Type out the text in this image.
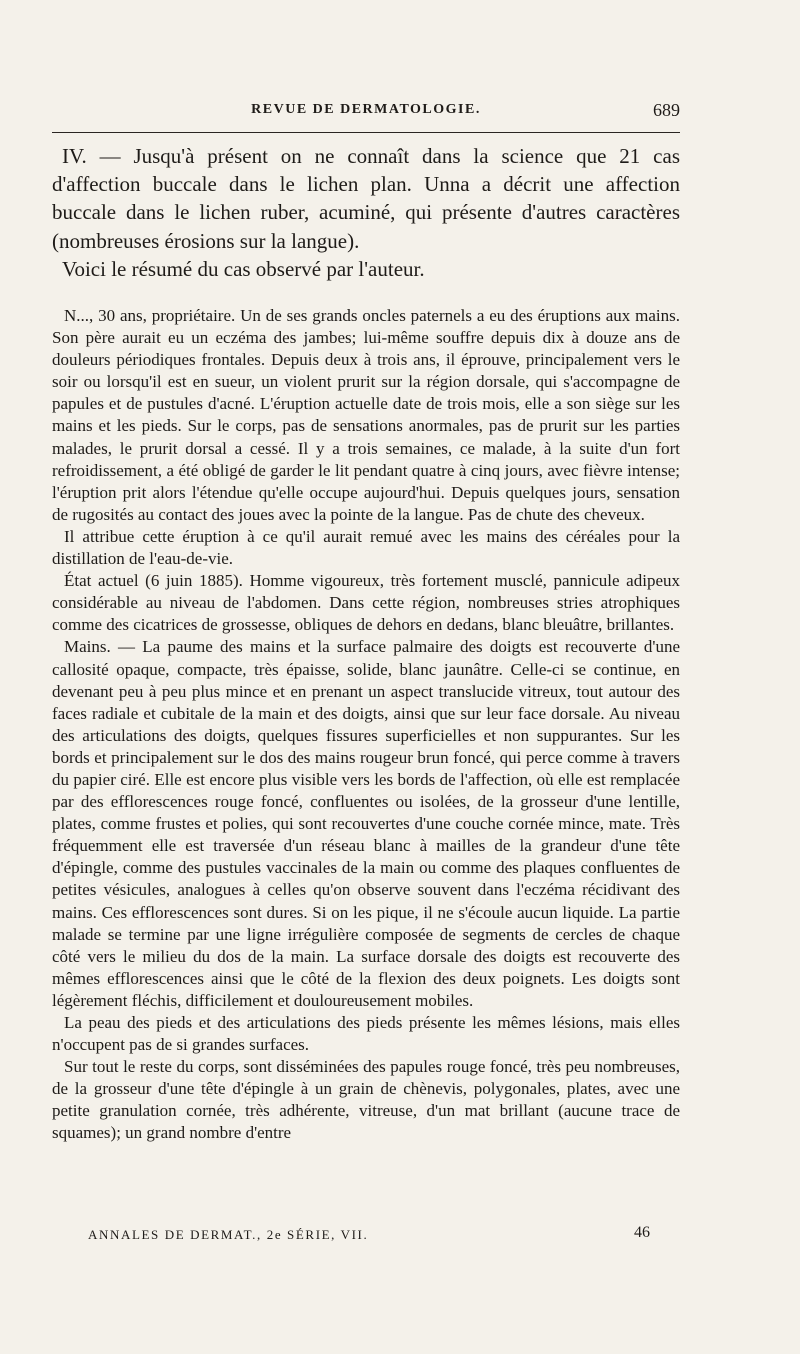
REVUE DE DERMATOLOGIE.	689

IV. — Jusqu'à présent on ne connaît dans la science que 21 cas d'affection buccale dans le lichen plan. Unna a décrit une affection buccale dans le lichen ruber, acuminé, qui présente d'autres caractères (nombreuses érosions sur la langue).

Voici le résumé du cas observé par l'auteur.

N..., 30 ans, propriétaire. Un de ses grands oncles paternels a eu des éruptions aux mains. Son père aurait eu un eczéma des jambes; lui-même souffre depuis dix à douze ans de douleurs périodiques frontales. Depuis deux à trois ans, il éprouve, principalement vers le soir ou lorsqu'il est en sueur, un violent prurit sur la région dorsale, qui s'accompagne de papules et de pustules d'acné. L'éruption actuelle date de trois mois, elle a son siège sur les mains et les pieds. Sur le corps, pas de sensations anormales, pas de prurit sur les parties malades, le prurit dorsal a cessé. Il y a trois semaines, ce malade, à la suite d'un fort refroidissement, a été obligé de garder le lit pendant quatre à cinq jours, avec fièvre intense; l'éruption prit alors l'étendue qu'elle occupe aujourd'hui. Depuis quelques jours, sensation de rugosités au contact des joues avec la pointe de la langue. Pas de chute des cheveux.

Il attribue cette éruption à ce qu'il aurait remué avec les mains des céréales pour la distillation de l'eau-de-vie.

État actuel (6 juin 1885). Homme vigoureux, très fortement musclé, pannicule adipeux considérable au niveau de l'abdomen. Dans cette région, nombreuses stries atrophiques comme des cicatrices de grossesse, obliques de dehors en dedans, blanc bleuâtre, brillantes.

Mains. — La paume des mains et la surface palmaire des doigts est recouverte d'une callosité opaque, compacte, très épaisse, solide, blanc jaunâtre. Celle-ci se continue, en devenant peu à peu plus mince et en prenant un aspect translucide vitreux, tout autour des faces radiale et cubitale de la main et des doigts, ainsi que sur leur face dorsale. Au niveau des articulations des doigts, quelques fissures superficielles et non suppurantes. Sur les bords et principalement sur le dos des mains rougeur brun foncé, qui perce comme à travers du papier ciré. Elle est encore plus visible vers les bords de l'affection, où elle est remplacée par des efflorescences rouge foncé, confluentes ou isolées, de la grosseur d'une lentille, plates, comme frustes et polies, qui sont recouvertes d'une couche cornée mince, mate. Très fréquemment elle est traversée d'un réseau blanc à mailles de la grandeur d'une tête d'épingle, comme des pustules vaccinales de la main ou comme des plaques confluentes de petites vésicules, analogues à celles qu'on observe souvent dans l'eczéma récidivant des mains. Ces efflorescences sont dures. Si on les pique, il ne s'écoule aucun liquide. La partie malade se termine par une ligne irrégulière composée de segments de cercles de chaque côté vers le milieu du dos de la main. La surface dorsale des doigts est recouverte des mêmes efflorescences ainsi que le côté de la flexion des deux poignets. Les doigts sont légèrement fléchis, difficilement et douloureusement mobiles.

La peau des pieds et des articulations des pieds présente les mêmes lésions, mais elles n'occupent pas de si grandes surfaces.

Sur tout le reste du corps, sont disséminées des papules rouge foncé, très peu nombreuses, de la grosseur d'une tête d'épingle à un grain de chènevis, polygonales, plates, avec une petite granulation cornée, très adhérente, vitreuse, d'un mat brillant (aucune trace de squames); un grand nombre d'entre

ANNALES DE DERMAT., 2e SÉRIE, VII.	46
